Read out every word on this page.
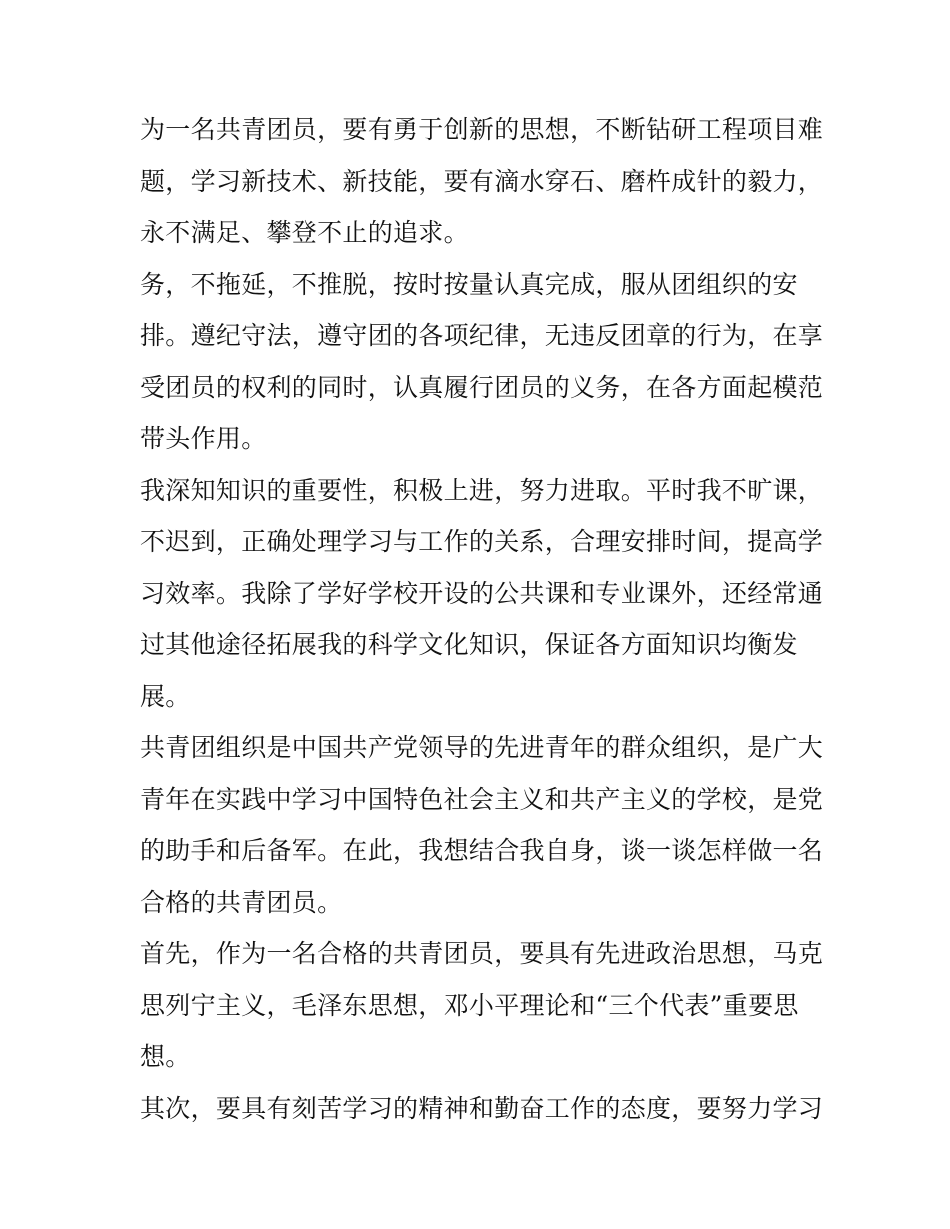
为一名共青团员，要有勇于创新的思想，不断钻研工程项目难
题，学习新技术、新技能，要有滴水穿石、磨杵成针的毅力，
永不满足、攀登不止的追求。
务，不拖延，不推脱，按时按量认真完成，服从团组织的安
排。遵纪守法，遵守团的各项纪律，无违反团章的行为，在享
受团员的权利的同时，认真履行团员的义务，在各方面起模范
带头作用。
我深知知识的重要性，积极上进，努力进取。平时我不旷课，
不迟到，正确处理学习与工作的关系，合理安排时间，提高学
习效率。我除了学好学校开设的公共课和专业课外，还经常通
过其他途径拓展我的科学文化知识，保证各方面知识均衡发
展。
共青团组织是中国共产党领导的先进青年的群众组织，是广大
青年在实践中学习中国特色社会主义和共产主义的学校，是党
的助手和后备军。在此，我想结合我自身，谈一谈怎样做一名
合格的共青团员。
首先，作为一名合格的共青团员，要具有先进政治思想，马克
思列宁主义，毛泽东思想，邓小平理论和“三个代表”重要思
想。
其次，要具有刻苦学习的精神和勤奋工作的态度，要努力学习
